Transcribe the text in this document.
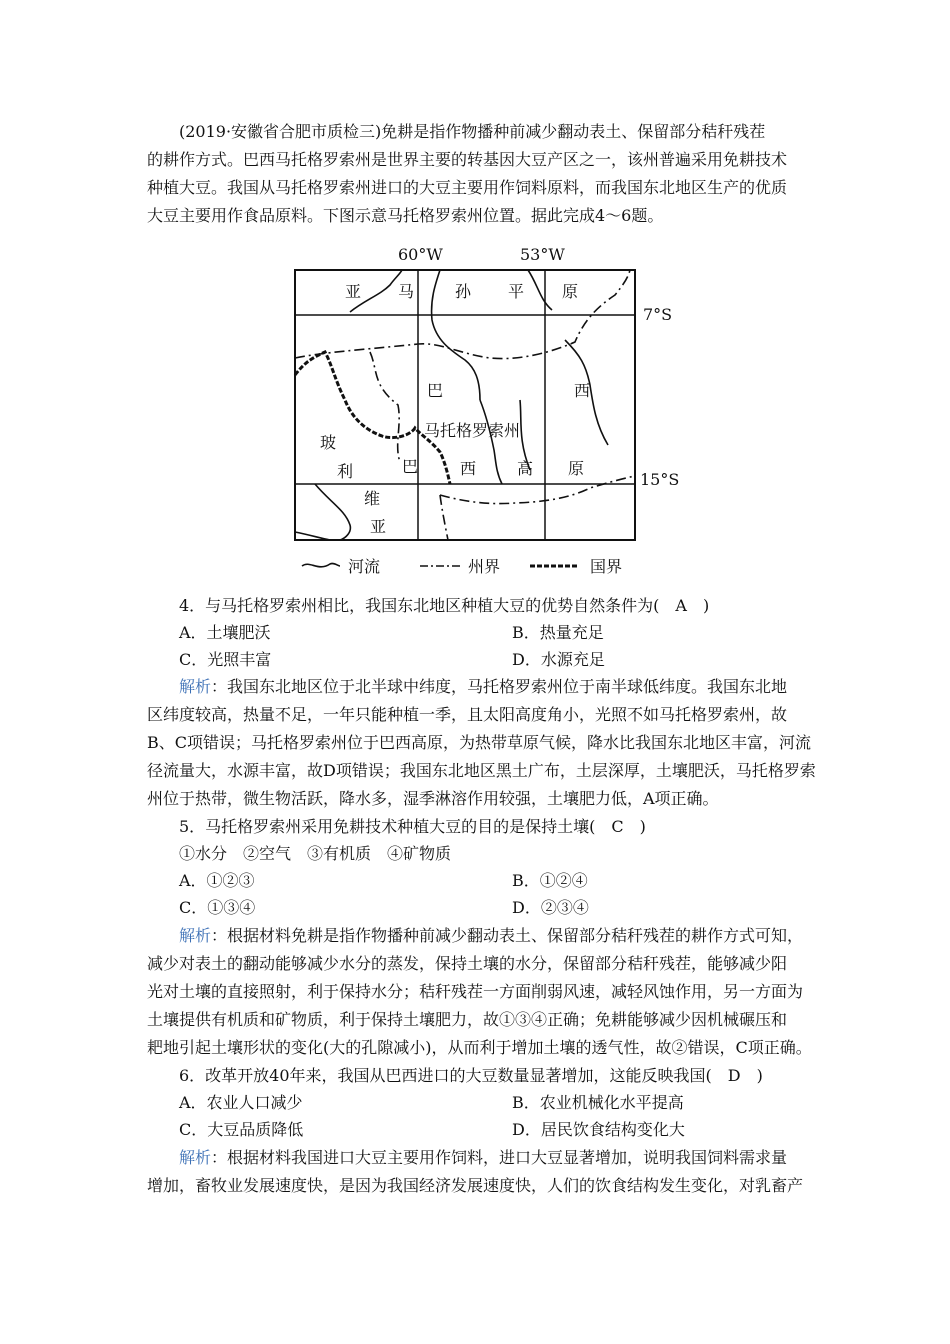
(2019·安徽省合肥市质检三)免耕是指作物播种前减少翻动表土、保留部分秸秆残茬
的耕作方式。巴西马托格罗索州是世界主要的转基因大豆产区之一，该州普遍采用免耕技术
种植大豆。我国从马托格罗索州进口的大豆主要用作饲料原料，而我国东北地区生产的优质
大豆主要用作食品原料。下图示意马托格罗索州位置。据此完成4～6题。
60°W	53°W
7°S
15°S
亚 马	孙 平 原
巴	西
马托格罗索州
玻
利	巴	西	高 原
维
亚
河流	州界	国界
4．与马托格罗索州相比，我国东北地区种植大豆的优势自然条件为(　A　)
A．土壤肥沃	B．热量充足
C．光照丰富	D．水源充足
解析：我国东北地区位于北半球中纬度，马托格罗索州位于南半球低纬度。我国东北地
区纬度较高，热量不足，一年只能种植一季，且太阳高度角小，光照不如马托格罗索州，故
B、C项错误；马托格罗索州位于巴西高原，为热带草原气候，降水比我国东北地区丰富，河流
径流量大，水源丰富，故D项错误；我国东北地区黑土广布，土层深厚，土壤肥沃，马托格罗索
州位于热带，微生物活跃，降水多，湿季淋溶作用较强，土壤肥力低，A项正确。
5．马托格罗索州采用免耕技术种植大豆的目的是保持土壤(　C　)
①水分　②空气　③有机质　④矿物质
A．①②③	B．①②④
C．①③④	D．②③④
解析：根据材料免耕是指作物播种前减少翻动表土、保留部分秸秆残茬的耕作方式可知，
减少对表土的翻动能够减少水分的蒸发，保持土壤的水分，保留部分秸秆残茬，能够减少阳
光对土壤的直接照射，利于保持水分；秸秆残茬一方面削弱风速，减轻风蚀作用，另一方面为
土壤提供有机质和矿物质，利于保持土壤肥力，故①③④正确；免耕能够减少因机械碾压和
耙地引起土壤形状的变化(大的孔隙减小)，从而利于增加土壤的透气性，故②错误，C项正确。
6．改革开放40年来，我国从巴西进口的大豆数量显著增加，这能反映我国(　D　)
A．农业人口减少	B．农业机械化水平提高
C．大豆品质降低	D．居民饮食结构变化大
解析：根据材料我国进口大豆主要用作饲料，进口大豆显著增加，说明我国饲料需求量
增加，畜牧业发展速度快，是因为我国经济发展速度快，人们的饮食结构发生变化，对乳畜产
